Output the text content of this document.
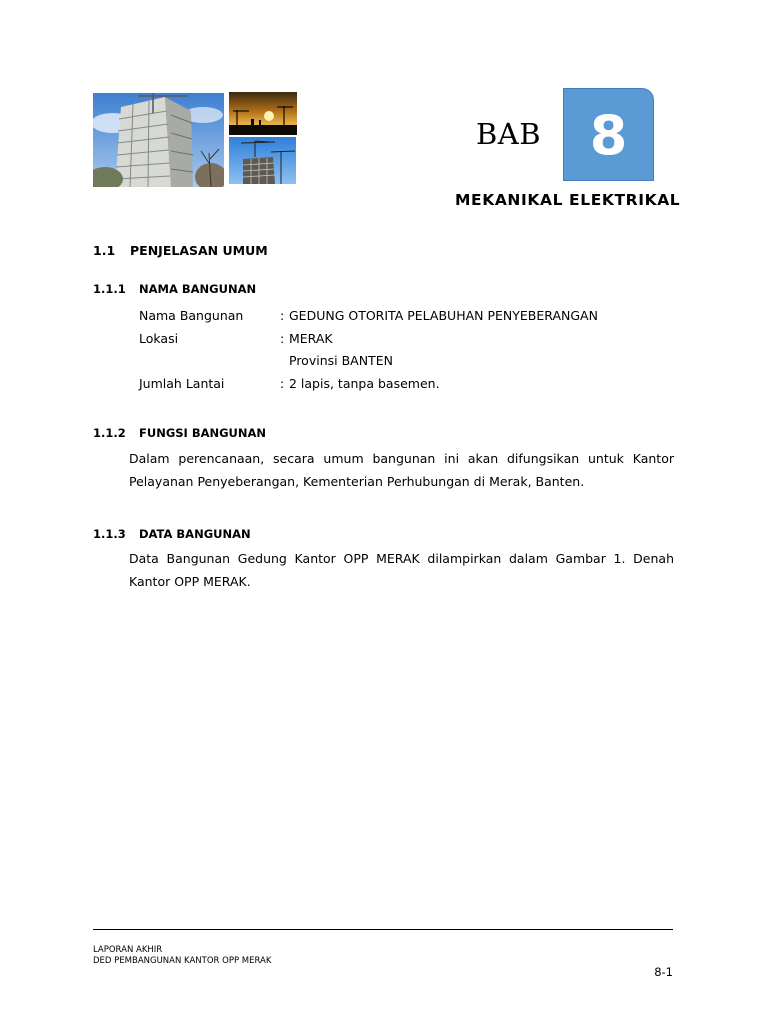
BAB 8
MEKANIKAL ELEKTRIKAL
1.1 PENJELASAN UMUM
1.1.1 NAMA BANGUNAN
Nama Bangunan	: GEDUNG OTORITA PELABUHAN PENYEBERANGAN
Lokasi	: MERAK
Provinsi BANTEN
Jumlah Lantai	: 2 lapis, tanpa basemen.
1.1.2 FUNGSI BANGUNAN
Dalam perencanaan, secara umum bangunan ini akan difungsikan untuk Kantor Pelayanan Penyeberangan, Kementerian Perhubungan di Merak, Banten.
1.1.3 DATA BANGUNAN
Data Bangunan Gedung Kantor OPP MERAK dilampirkan dalam Gambar 1. Denah Kantor OPP MERAK.
LAPORAN AKHIR
DED PEMBANGUNAN KANTOR OPP MERAK
8-1
